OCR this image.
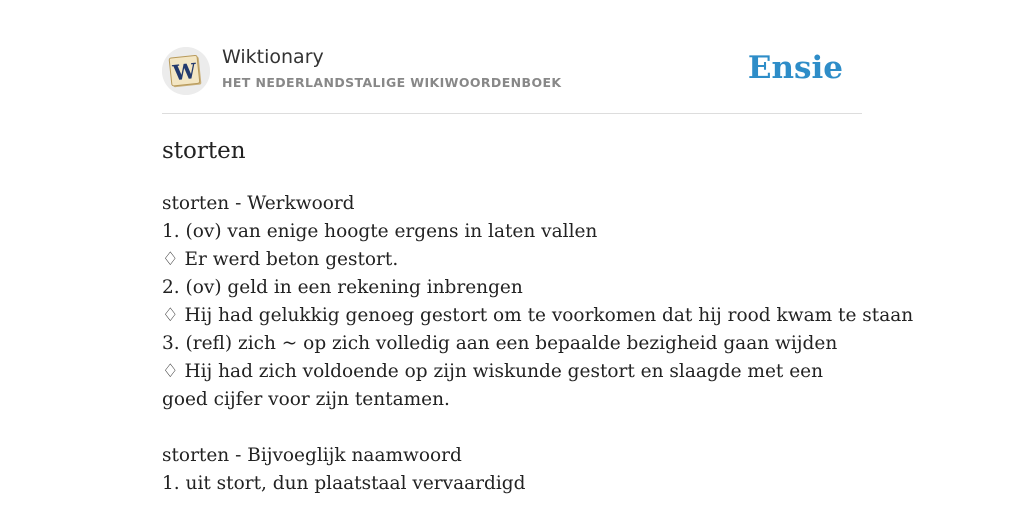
W
Wiktionary
HET NEDERLANDSTALIGE WIKIWOORDENBOEK	Ensie
storten
storten - Werkwoord
1. (ov) van enige hoogte ergens in laten vallen
♢ Er werd beton gestort.
2. (ov) geld in een rekening inbrengen
♢ Hij had gelukkig genoeg gestort om te voorkomen dat hij rood kwam te staan
3. (refl) zich ~ op zich volledig aan een bepaalde bezigheid gaan wijden
♢ Hij had zich voldoende op zijn wiskunde gestort en slaagde met een goed cijfer voor zijn tentamen.
storten - Bijvoeglijk naamwoord
1. uit stort, dun plaatstaal vervaardigd
